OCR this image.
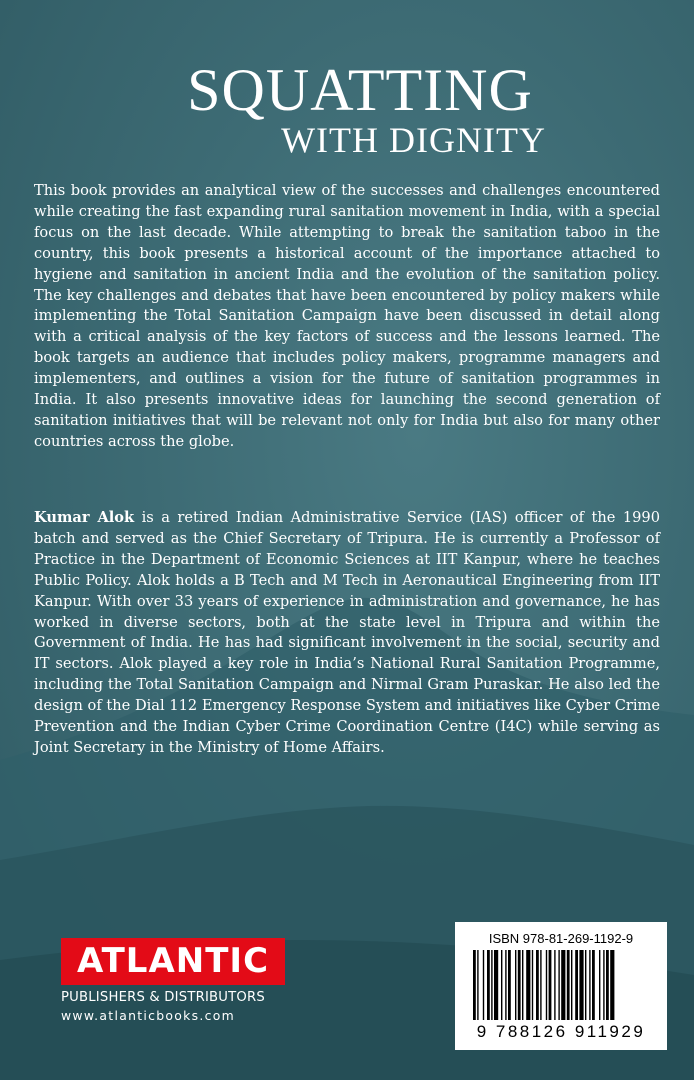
SQUATTING
WITH DIGNITY
This book provides an analytical view of the successes and challenges encountered while creating the fast expanding rural sanitation movement in India, with a special focus on the last decade. While attempting to break the sanitation taboo in the country, this book presents a historical account of the importance attached to hygiene and sanitation in ancient India and the evolution of the sanitation policy. The key challenges and debates that have been encountered by policy makers while implementing the Total Sanitation Campaign have been discussed in detail along with a critical analysis of the key factors of success and the lessons learned. The book targets an audience that includes policy makers, programme managers and implementers, and outlines a vision for the future of sanitation programmes in India. It also presents innovative ideas for launching the second generation of sanitation initiatives that will be relevant not only for India but also for many other countries across the globe.
Kumar Alok is a retired Indian Administrative Service (IAS) officer of the 1990 batch and served as the Chief Secretary of Tripura. He is currently a Professor of Practice in the Department of Economic Sciences at IIT Kanpur, where he teaches Public Policy. Alok holds a B Tech and M Tech in Aeronautical Engineering from IIT Kanpur. With over 33 years of experience in administration and governance, he has worked in diverse sectors, both at the state level in Tripura and within the Government of India. He has had significant involvement in the social, security and IT sectors. Alok played a key role in India’s National Rural Sanitation Programme, including the Total Sanitation Campaign and Nirmal Gram Puraskar. He also led the design of the Dial 112 Emergency Response System and initiatives like Cyber Crime Prevention and the Indian Cyber Crime Coordination Centre (I4C) while serving as Joint Secretary in the Ministry of Home Affairs.
ATLANTIC
PUBLISHERS & DISTRIBUTORS
www.atlanticbooks.com
ISBN 978-81-269-1192-9
9 788126 911929
